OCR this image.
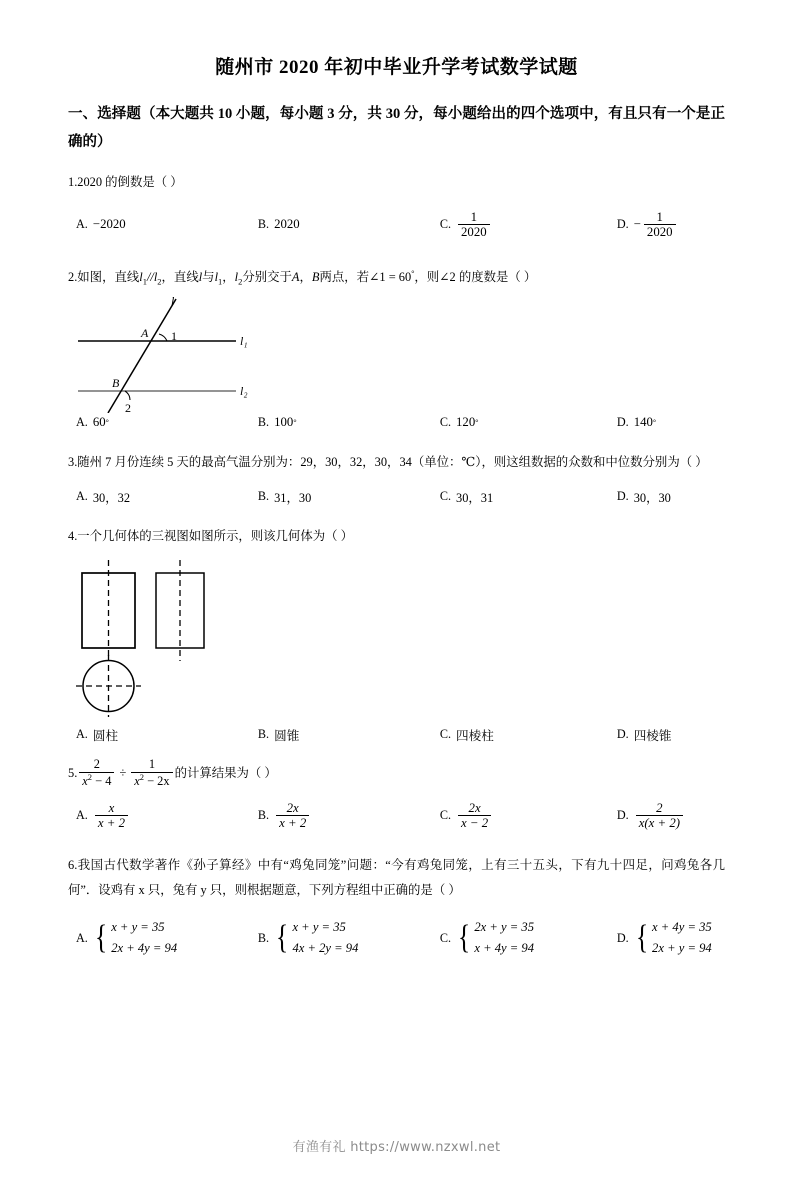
随州市 2020 年初中毕业升学考试数学试题
一、选择题（本大题共 10 小题，每小题 3 分，共 30 分，每小题给出的四个选项中，有且只有一个是正确的）
1.2020 的倒数是（ ）
A. −2020	B. 2020	C. $\frac{1}{2020}$	D. − $\frac{1}{2020}$
2.如图，直线$l_1//l_2$，直线l与$l_1$，$l_2$分别交于A，B两点，若∠1 = 60°，则∠2 的度数是（ ）
l
l₁
l₂
A
B
1
2
A. 60 °	B. 100 °	C. 120 °	D. 140 °
3.随州 7 月份连续 5 天的最高气温分别为：29，30，32，30，34（单位：℃），则这组数据的众数和中位数分别为（ ）
A. 30，32	B. 31，30	C. 30，31	D. 30，30
4.一个几何体的三视图如图所示，则该几何体为（ ）
A. 圆柱	B. 圆锥	C. 四棱柱	D. 四棱锥
5. $\frac{2}{x^2 - 4} \div \frac{1}{x^2 - 2x}$ 的计算结果为（ ）
A. $\frac{x}{x + 2}$	B. $\frac{2x}{x + 2}$	C. $\frac{2x}{x - 2}$	D. $\frac{2}{x(x + 2)}$
6.我国古代数学著作《孙子算经》中有“鸡兔同笼”问题：“今有鸡兔同笼，上有三十五头，下有九十四足，问鸡兔各几何”．设鸡有 x 只，兔有 y 只，则根据题意，下列方程组中正确的是（ ）
A. { x + y = 35
2x + 4y = 94
B. { x + y = 35
4x + 2y = 94
C. { 2x + y = 35
x + 4y = 94
D. { x + 4y = 35
2x + y = 94
有渔有礼 https://www.nzxwl.net
